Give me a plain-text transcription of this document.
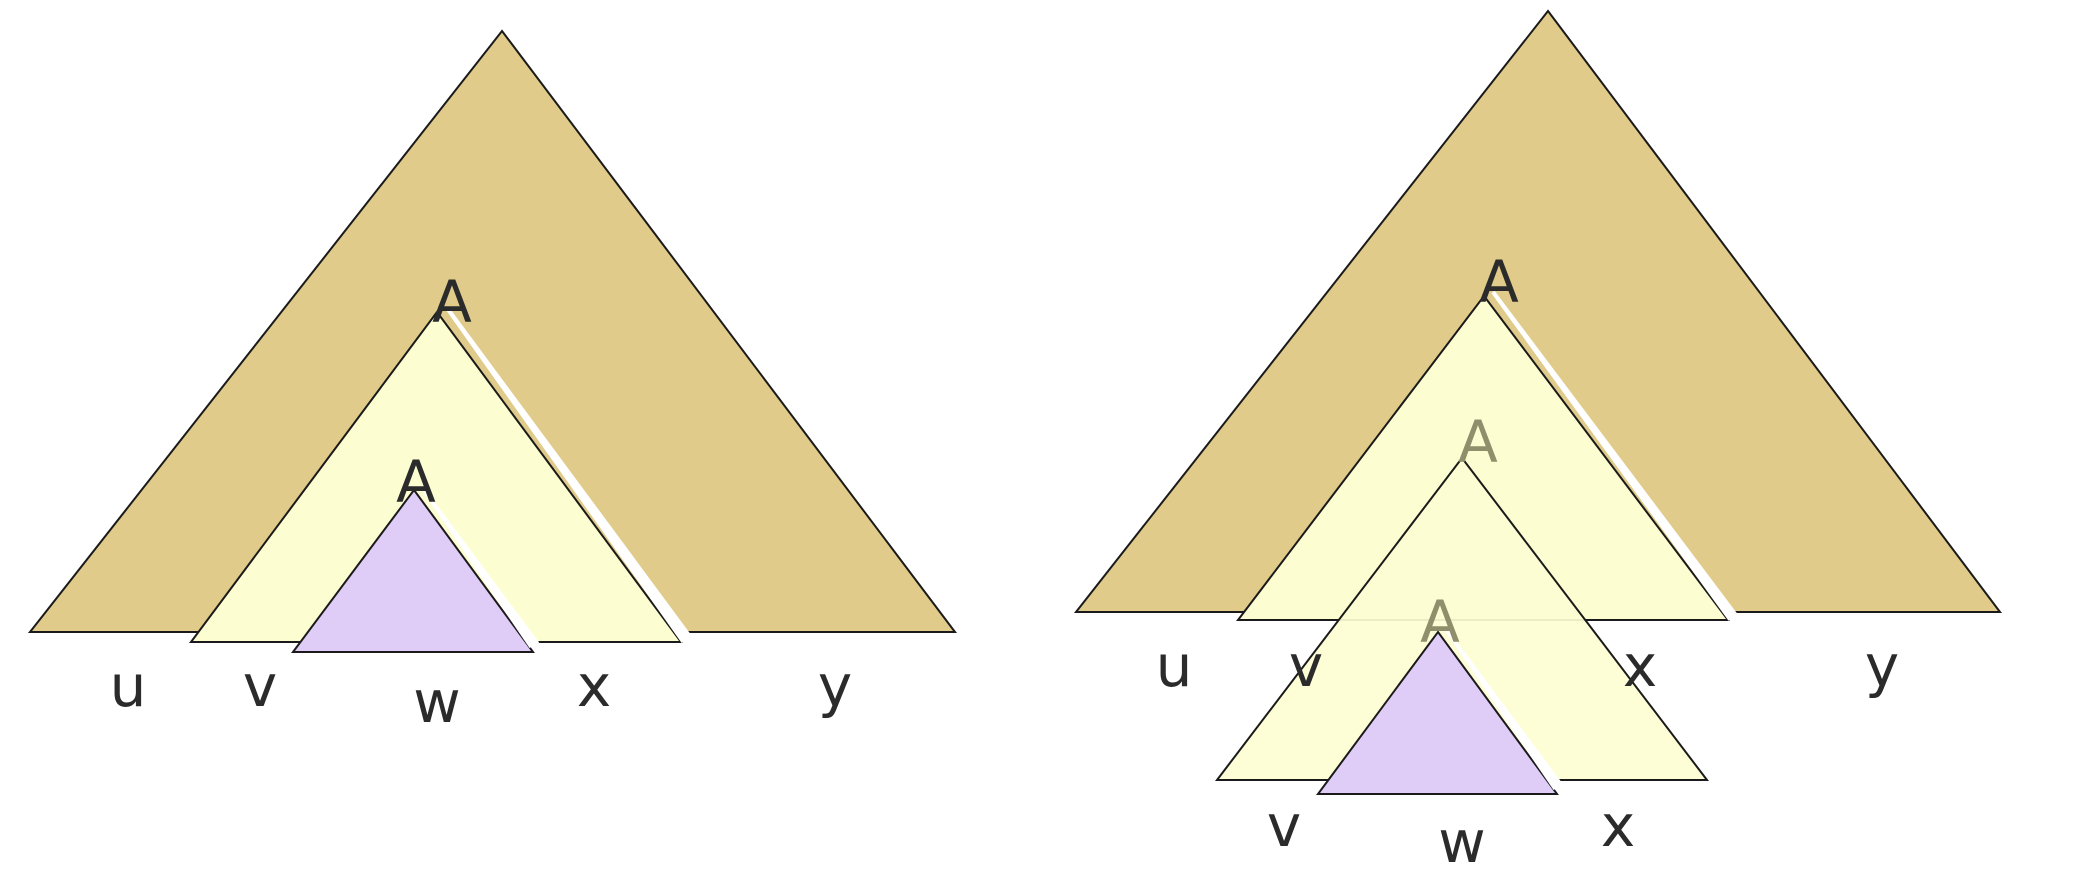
A
A
u v w x	y
A
A
A
u v	x	y
v w x
